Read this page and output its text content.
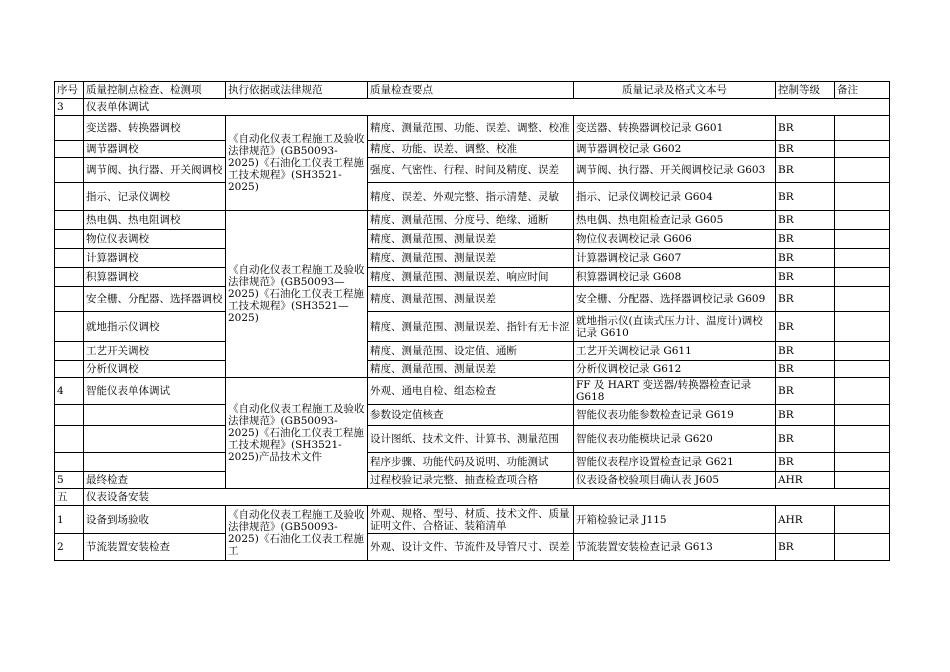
序号	质量控制点检查、检测项	执行依据或法律规范	质量检查要点	质量记录及格式文本号	控制等级	备注
3	仪表单体调试					
	变送器、转换器调校	《自动化仪表工程施工及验收法律规范》(GB50093-2025)《石油化工仪表工程施工技术规程》(SH3521-2025)	精度、测量范围、功能、误差、调整、校准	变送器、转换器调校记录 G601	BR	
	调节器调校		精度、功能、误差、调整、校准	调节器调校记录 G602	BR	
	调节阀、执行器、开关阀调校		强度、气密性、行程、时间及精度、误差	调节阀、执行器、开关阀调校记录 G603	BR	
	指示、记录仪调校		精度、误差、外观完整、指示清楚、灵敏	指示、记录仪调校记录 G604	BR	
	热电偶、热电阻调校	《自动化仪表工程施工及验收法律规范》(GB50093—2025)《石油化工仪表工程施工技术规程》(SH3521—2025)	精度、测量范围、分度号、绝缘、通断	热电偶、热电阻检查记录 G605	BR	
	物位仪表调校		精度、测量范围、测量误差	物位仪表调校记录 G606	BR	
	计算器调校		精度、测量范围、测量误差	计算器调校记录 G607	BR	
	积算器调校		精度、测量范围、测量误差、响应时间	积算器调校记录 G608	BR	
	安全栅、分配器、选择器调校		精度、测量范围、测量误差	安全栅、分配器、选择器调校记录 G609	BR	
	就地指示仪调校		精度、测量范围、测量误差、指针有无卡涩	就地指示仪(直读式压力计、温度计)调校记录 G610	BR	
	工艺开关调校		精度、测量范围、设定值、通断	工艺开关调校记录 G611	BR	
	分析仪调校		精度、测量范围、测量误差	分析仪调校记录 G612	BR	
4	智能仪表单体调试	《自动化仪表工程施工及验收法律规范》(GB50093-2025)《石油化工仪表工程施工技术规程》(SH3521-2025)产品技术文件	外观、通电自检、组态检查	FF 及 HART 变送器/转换器检查记录 G618	BR	
			参数设定值核查	智能仪表功能参数检查记录 G619	BR	
			设计图纸、技术文件、计算书、测量范围	智能仪表功能模块记录 G620	BR	
			程序步骤、功能代码及说明、功能测试	智能仪表程序设置检查记录 G621	BR	
5	最终检查		过程校验记录完整、抽查检查项合格	仪表设备校验项目确认表 J605	AHR	
五	仪表设备安装					
1	设备到场验收	《自动化仪表工程施工及验收法律规范》(GB50093-2025)《石油化工仪表工程施工	外观、规格、型号、材质、技术文件、质量证明文件、合格证、装箱清单	开箱检验记录 J115	AHR	
2	节流装置安装检查		外观、设计文件、节流件及导管尺寸、误差	节流装置安装检查记录 G613	BR	
